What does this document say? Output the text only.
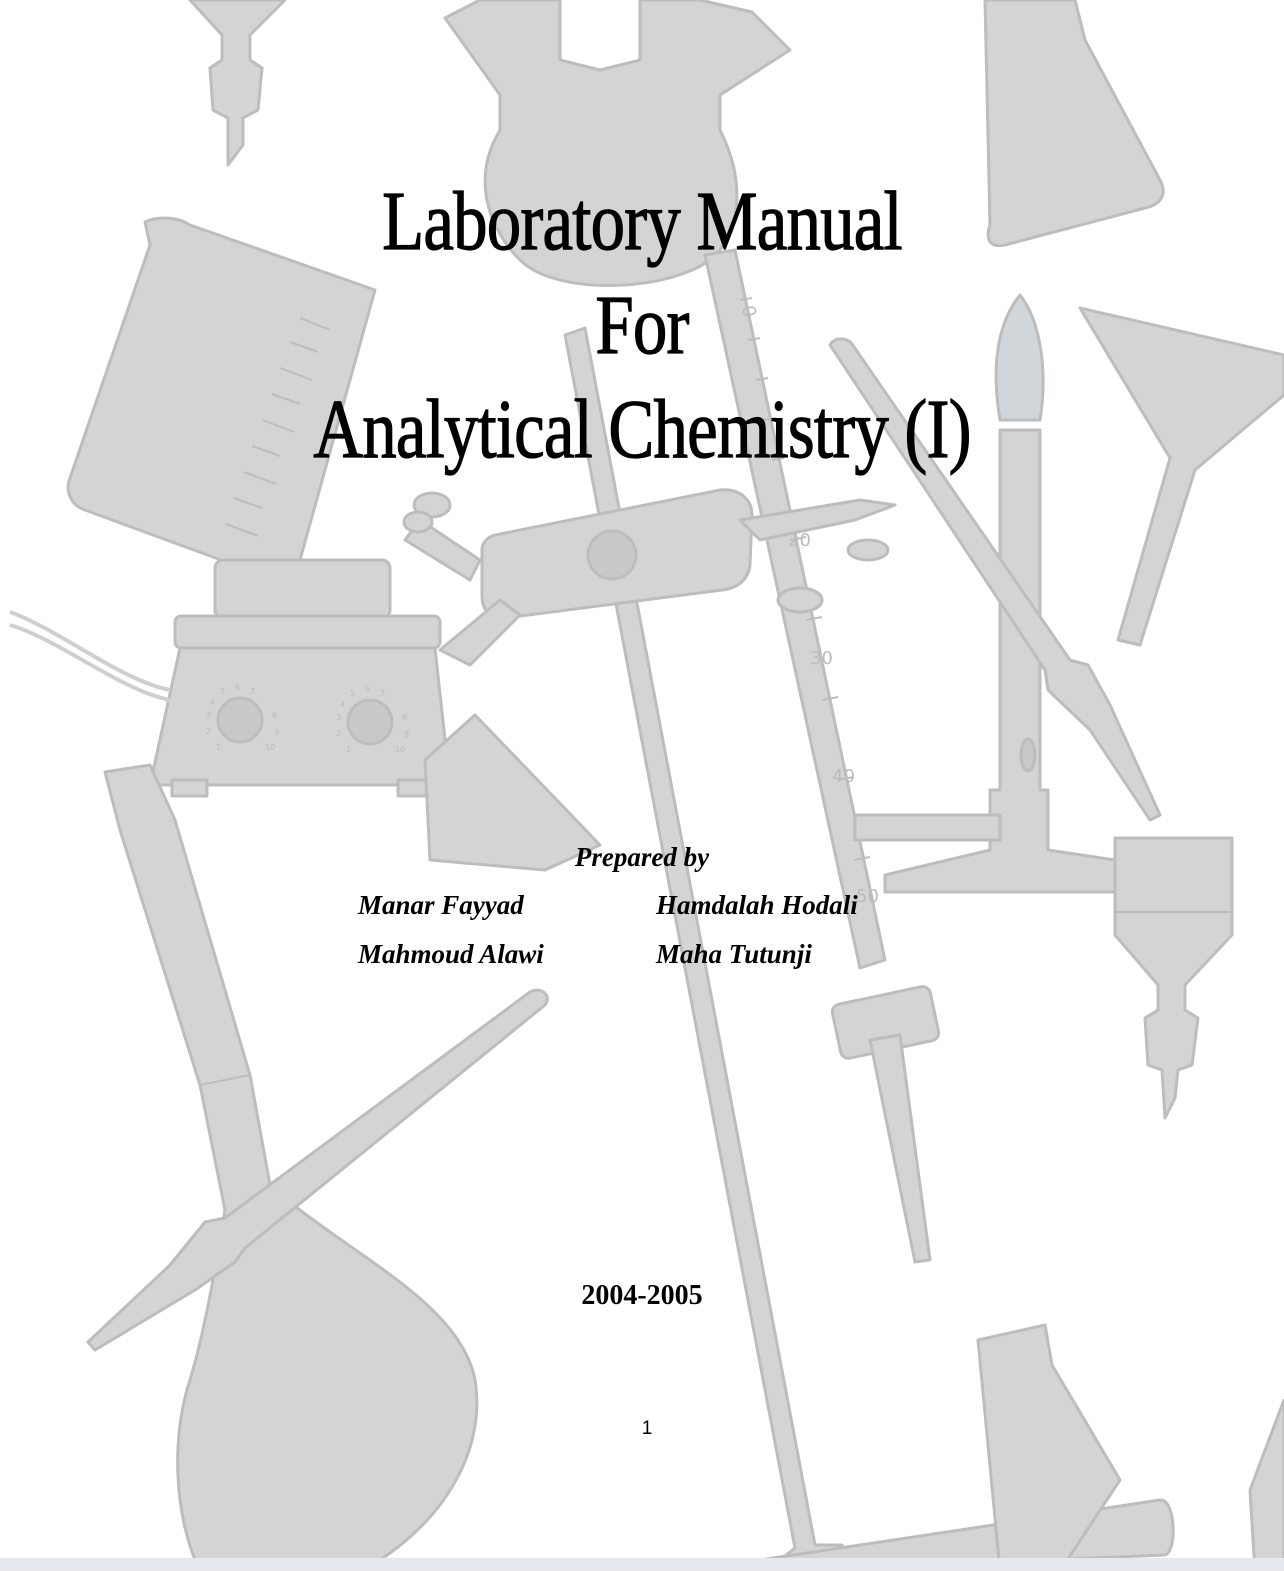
0
20
30
40
50
3
4
5 6 7
8
9
10
1
2
3
4
5 6 7
8
9
10
1
2
Laboratory Manual
For
Analytical Chemistry (I)
Prepared by
Manar Fayyad	Hamdalah Hodali
Mahmoud Alawi	Maha Tutunji
2004-2005
1
